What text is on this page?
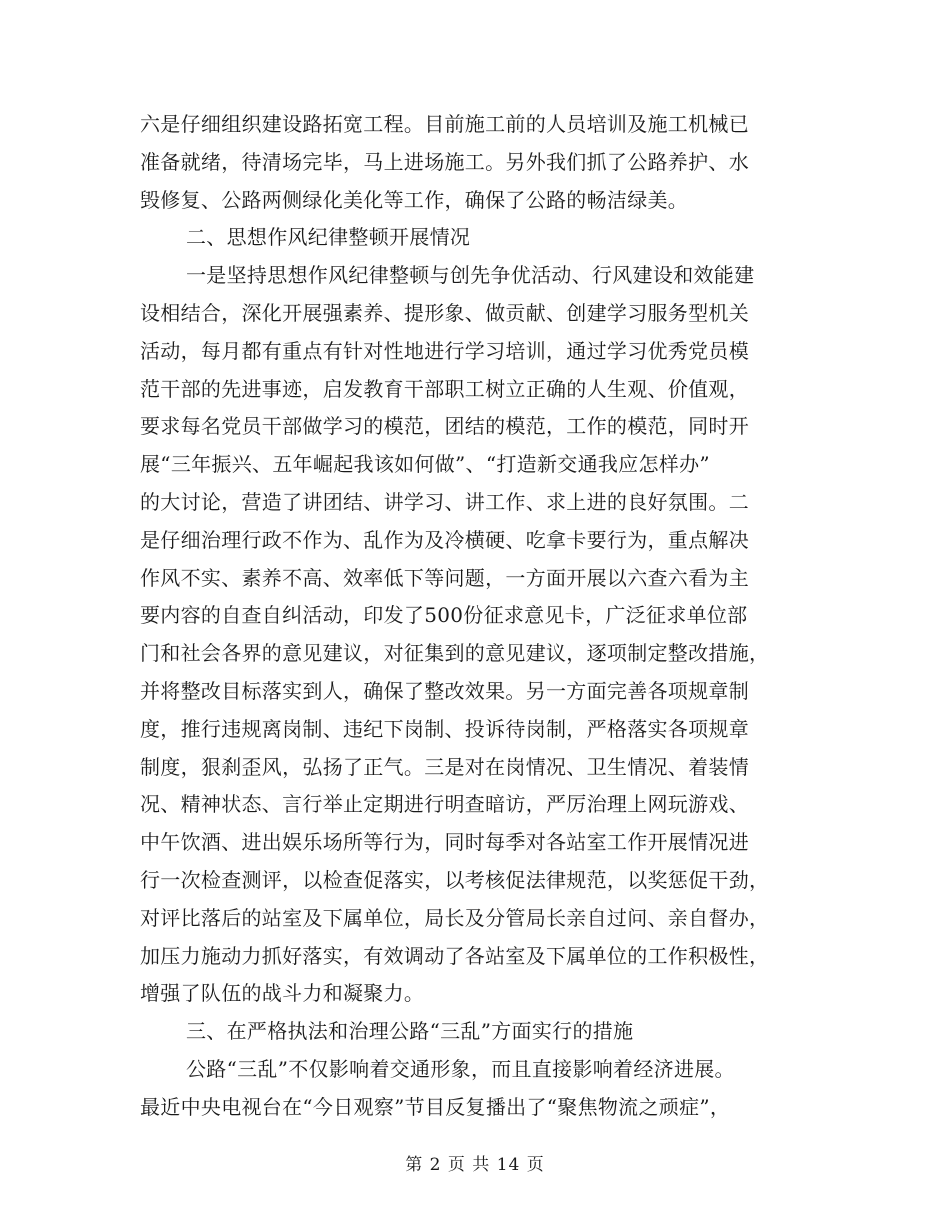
六是仔细组织建设路拓宽工程。目前施工前的人员培训及施工机械已
准备就绪，待清场完毕，马上进场施工。另外我们抓了公路养护、水
毁修复、公路两侧绿化美化等工作，确保了公路的畅洁绿美。
二、思想作风纪律整顿开展情况
一是坚持思想作风纪律整顿与创先争优活动、行风建设和效能建
设相结合，深化开展强素养、提形象、做贡献、创建学习服务型机关
活动，每月都有重点有针对性地进行学习培训，通过学习优秀党员模
范干部的先进事迹，启发教育干部职工树立正确的人生观、价值观，
要求每名党员干部做学习的模范，团结的模范，工作的模范，同时开
展“三年振兴、五年崛起我该如何做”、“打造新交通我应怎样办”
的大讨论，营造了讲团结、讲学习、讲工作、求上进的良好氛围。二
是仔细治理行政不作为、乱作为及冷横硬、吃拿卡要行为，重点解决
作风不实、素养不高、效率低下等问题，一方面开展以六查六看为主
要内容的自查自纠活动，印发了500份征求意见卡，广泛征求单位部
门和社会各界的意见建议，对征集到的意见建议，逐项制定整改措施，
并将整改目标落实到人，确保了整改效果。另一方面完善各项规章制
度，推行违规离岗制、违纪下岗制、投诉待岗制，严格落实各项规章
制度，狠刹歪风，弘扬了正气。三是对在岗情况、卫生情况、着装情
况、精神状态、言行举止定期进行明查暗访，严厉治理上网玩游戏、
中午饮酒、进出娱乐场所等行为，同时每季对各站室工作开展情况进
行一次检查测评，以检查促落实，以考核促法律规范，以奖惩促干劲，
对评比落后的站室及下属单位，局长及分管局长亲自过问、亲自督办，
加压力施动力抓好落实，有效调动了各站室及下属单位的工作积极性，
增强了队伍的战斗力和凝聚力。
三、在严格执法和治理公路“三乱”方面实行的措施
公路“三乱”不仅影响着交通形象，而且直接影响着经济进展。
最近中央电视台在“今日观察”节目反复播出了“聚焦物流之顽症”，
第 2 页 共 14 页
